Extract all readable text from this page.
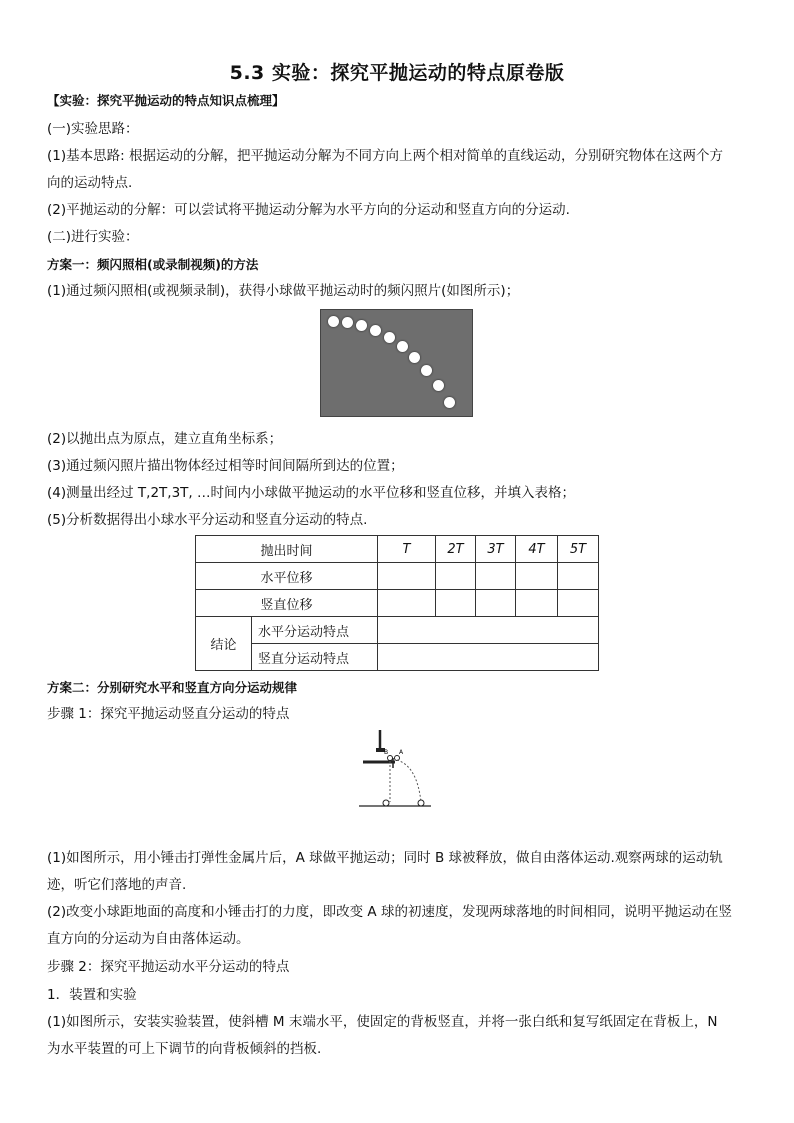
5.3 实验：探究平抛运动的特点原卷版
【实验：探究平抛运动的特点知识点梳理】
(一)实验思路：
(1)基本思路: 根据运动的分解，把平抛运动分解为不同方向上两个相对简单的直线运动，分别研究物体在这两个方
向的运动特点.
(2)平抛运动的分解：可以尝试将平抛运动分解为水平方向的分运动和竖直方向的分运动.
(二)进行实验：
方案一：频闪照相(或录制视频)的方法
(1)通过频闪照相(或视频录制)，获得小球做平抛运动时的频闪照片(如图所示)；
(2)以抛出点为原点，建立直角坐标系；
(3)通过频闪照片描出物体经过相等时间间隔所到达的位置；
(4)测量出经过 T,2T,3T, …时间内小球做平抛运动的水平位移和竖直位移，并填入表格；
(5)分析数据得出小球水平分运动和竖直分运动的特点.
抛出时间		T	2T	3T	4T	5T
水平位移						
竖直位移						
结论	水平分运动特点					
	竖直分运动特点					
方案二：分别研究水平和竖直方向分运动规律
步骤 1：探究平抛运动竖直分运动的特点
B A
(1)如图所示，用小锤击打弹性金属片后，A 球做平抛运动；同时 B 球被释放，做自由落体运动.观察两球的运动轨
迹，听它们落地的声音.
(2)改变小球距地面的高度和小锤击打的力度，即改变 A 球的初速度，发现两球落地的时间相同，说明平抛运动在竖
直方向的分运动为自由落体运动。
步骤 2：探究平抛运动水平分运动的特点
1．装置和实验
(1)如图所示，安装实验装置，使斜槽 M 末端水平，使固定的背板竖直，并将一张白纸和复写纸固定在背板上，N
为水平装置的可上下调节的向背板倾斜的挡板.
